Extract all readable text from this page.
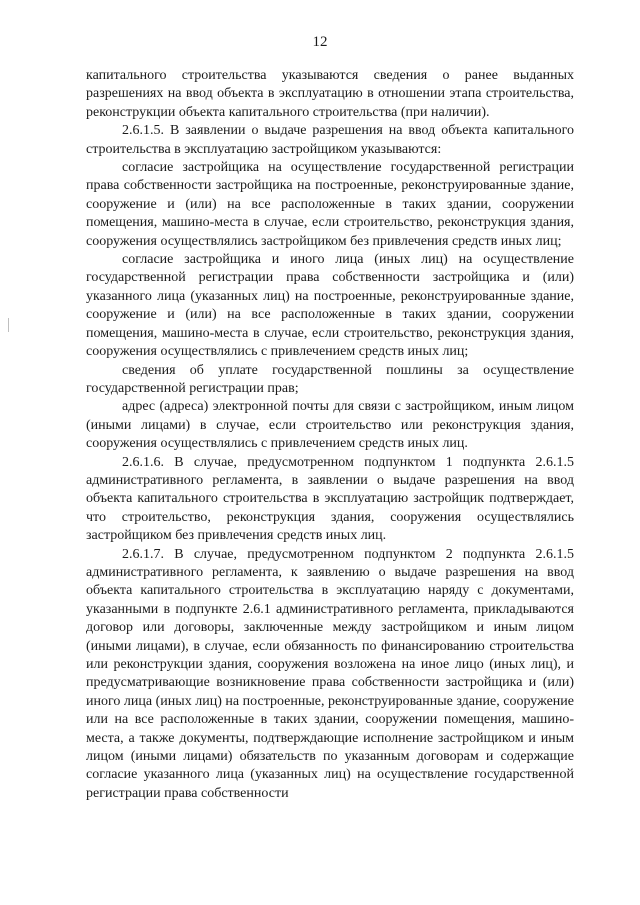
12

капитального строительства указываются сведения о ранее выданных разрешениях на ввод объекта в эксплуатацию в отношении этапа строительства, реконструкции объекта капитального строительства (при наличии).

2.6.1.5. В заявлении о выдаче разрешения на ввод объекта капитального строительства в эксплуатацию застройщиком указываются:

согласие застройщика на осуществление государственной регистрации права собственности застройщика на построенные, реконструированные здание, сооружение и (или) на все расположенные в таких здании, сооружении помещения, машино-места в случае, если строительство, реконструкция здания, сооружения осуществлялись застройщиком без привлечения средств иных лиц;

согласие застройщика и иного лица (иных лиц) на осуществление государственной регистрации права собственности застройщика и (или) указанного лица (указанных лиц) на построенные, реконструированные здание, сооружение и (или) на все расположенные в таких здании, сооружении помещения, машино-места в случае, если строительство, реконструкция здания, сооружения осуществлялись с привлечением средств иных лиц;

сведения об уплате государственной пошлины за осуществление государственной регистрации прав;

адрес (адреса) электронной почты для связи с застройщиком, иным лицом (иными лицами) в случае, если строительство или реконструкция здания, сооружения осуществлялись с привлечением средств иных лиц.

2.6.1.6. В случае, предусмотренном подпунктом 1 подпункта 2.6.1.5 административного регламента, в заявлении о выдаче разрешения на ввод объекта капитального строительства в эксплуатацию застройщик подтверждает, что строительство, реконструкция здания, сооружения осуществлялись застройщиком без привлечения средств иных лиц.

2.6.1.7. В случае, предусмотренном подпунктом 2 подпункта 2.6.1.5 административного регламента, к заявлению о выдаче разрешения на ввод объекта капитального строительства в эксплуатацию наряду с документами, указанными в подпункте 2.6.1 административного регламента, прикладываются договор или договоры, заключенные между застройщиком и иным лицом (иными лицами), в случае, если обязанность по финансированию строительства или реконструкции здания, сооружения возложена на иное лицо (иных лиц), и предусматривающие возникновение права собственности застройщика и (или) иного лица (иных лиц) на построенные, реконструированные здание, сооружение или на все расположенные в таких здании, сооружении помещения, машино-места, а также документы, подтверждающие исполнение застройщиком и иным лицом (иными лицами) обязательств по указанным договорам и содержащие согласие указанного лица (указанных лиц) на осуществление государственной регистрации права собственности
